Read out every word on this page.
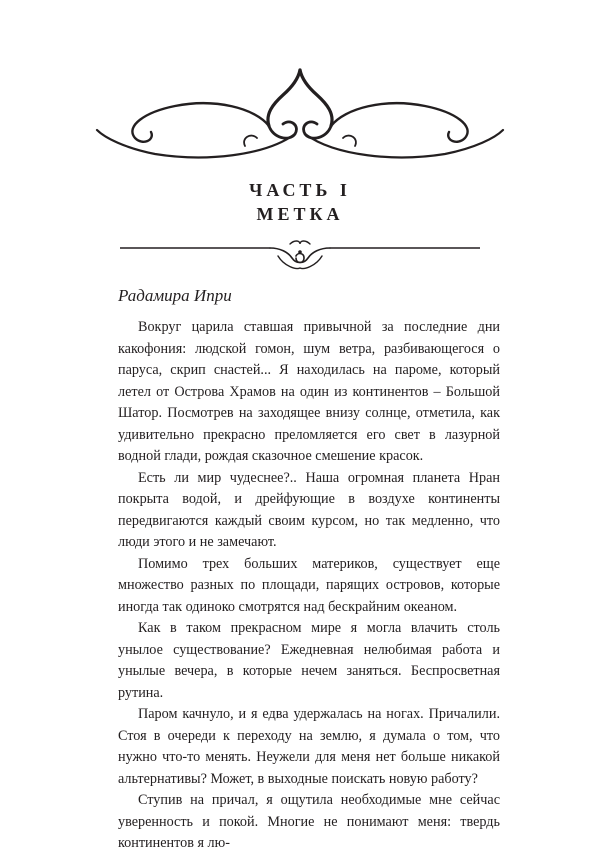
ЧАСТЬ I
МЕТКА
Радамира Ипри

Вокруг царила ставшая привычной за последние дни какофония: людской гомон, шум ветра, разбивающегося о паруса, скрип снастей... Я находилась на пароме, который летел от Острова Храмов на один из континентов – Большой Шатор. Посмотрев на заходящее внизу солнце, отметила, как удивительно прекрасно преломляется его свет в лазурной водной глади, рождая сказочное смешение красок.

Есть ли мир чудеснее?.. Наша огромная планета Нран покрыта водой, и дрейфующие в воздухе континенты передвигаются каждый своим курсом, но так медленно, что люди этого и не замечают.

Помимо трех больших материков, существует еще множество разных по площади, парящих островов, которые иногда так одиноко смотрятся над бескрайним океаном.

Как в таком прекрасном мире я могла влачить столь унылое существование? Ежедневная нелюбимая работа и унылые вечера, в которые нечем заняться. Беспросветная рутина.

Паром качнуло, и я едва удержалась на ногах. Причалили. Стоя в очереди к переходу на землю, я думала о том, что нужно что-то менять. Неужели для меня нет больше никакой альтернативы? Может, в выходные поискать новую работу?

Ступив на причал, я ощутила необходимые мне сейчас уверенность и покой. Многие не понимают меня: твердь континентов я лю-
